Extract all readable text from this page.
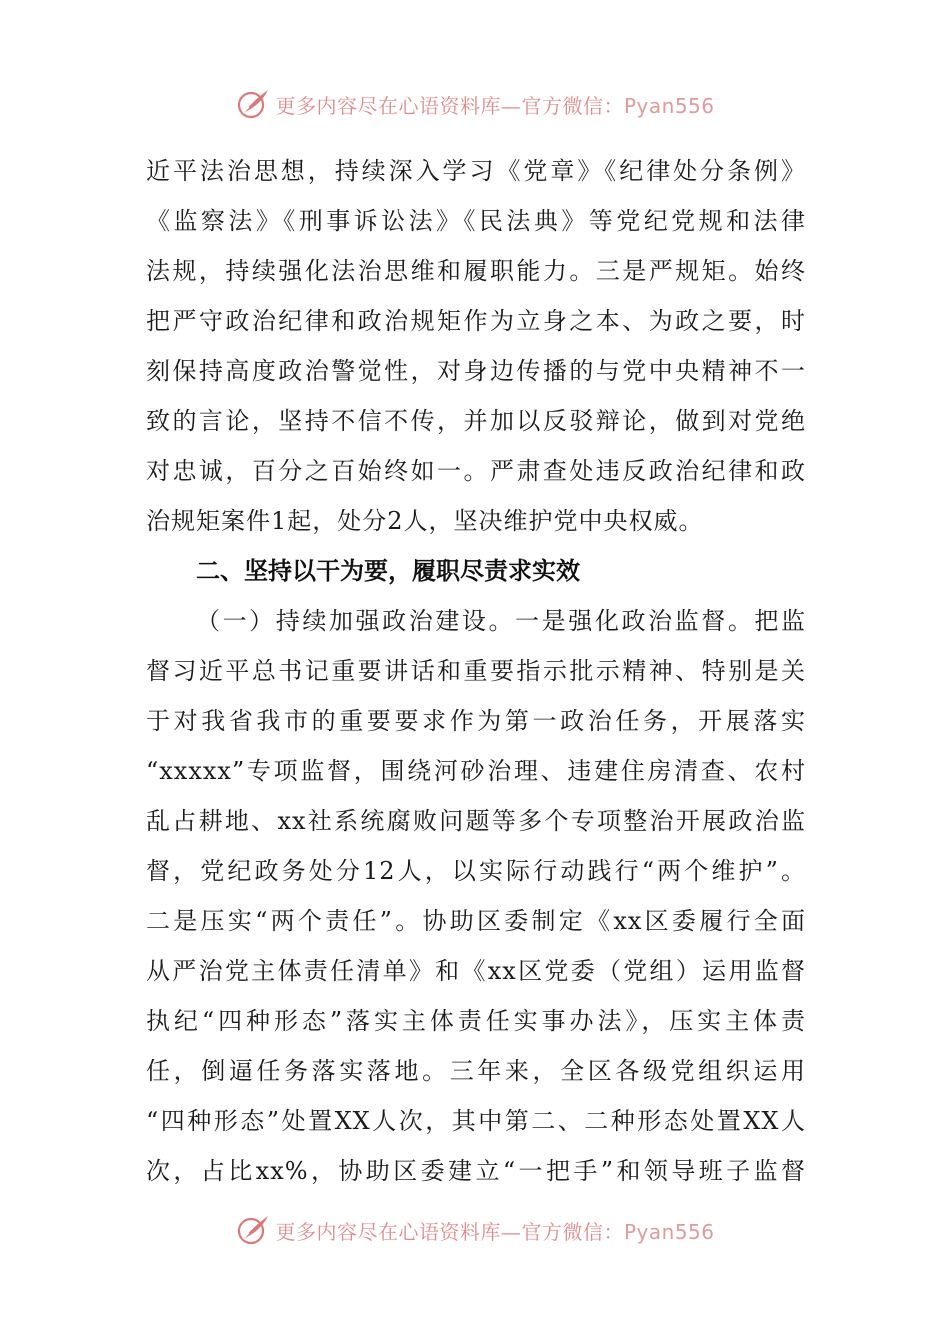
更多内容尽在心语资料库—官方微信：Pyan556
近平法治思想，持续深入学习《党章》《纪律处分条例》
《监察法》《刑事诉讼法》《民法典》等党纪党规和法律
法规，持续强化法治思维和履职能力。三是严规矩。始终
把严守政治纪律和政治规矩作为立身之本、为政之要，时
刻保持高度政治警觉性，对身边传播的与党中央精神不一
致的言论，坚持不信不传，并加以反驳辩论，做到对党绝
对忠诚，百分之百始终如一。严肃查处违反政治纪律和政
治规矩案件1起，处分2人，坚决维护党中央权威。
二、坚持以干为要，履职尽责求实效
（一）持续加强政治建设。一是强化政治监督。把监
督习近平总书记重要讲话和重要指示批示精神、特别是关
于对我省我市的重要要求作为第一政治任务，开展落实
“xxxxx”专项监督，围绕河砂治理、违建住房清查、农村
乱占耕地、xx社系统腐败问题等多个专项整治开展政治监
督，党纪政务处分12人，以实际行动践行“两个维护”。
二是压实“两个责任”。协助区委制定《xx区委履行全面
从严治党主体责任清单》和《xx区党委（党组）运用监督
执纪“四种形态”落实主体责任实事办法》，压实主体责
任，倒逼任务落实落地。三年来，全区各级党组织运用
“四种形态”处置XX人次，其中第二、二种形态处置XX人
次，占比xx%，协助区委建立“一把手”和领导班子监督
更多内容尽在心语资料库—官方微信：Pyan556
